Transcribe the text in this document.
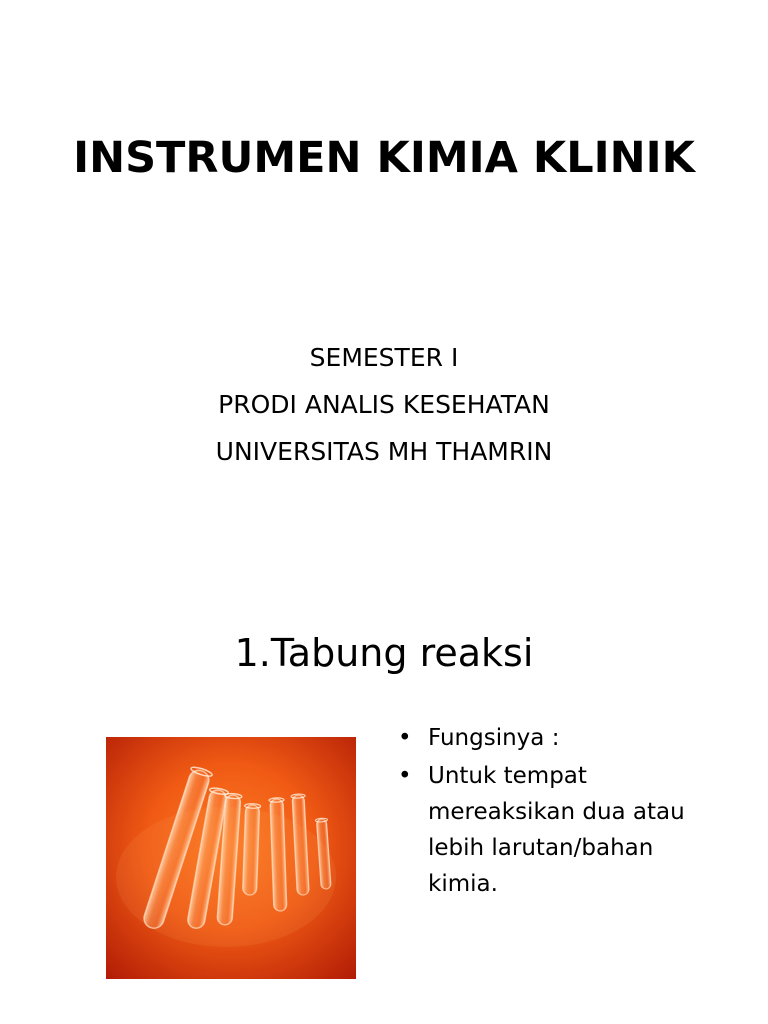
INSTRUMEN KIMIA KLINIK
SEMESTER I
PRODI ANALIS KESEHATAN
UNIVERSITAS MH THAMRIN
1.Tabung reaksi
• Fungsinya :
• Untuk tempat mereaksikan dua atau lebih larutan/bahan kimia.
